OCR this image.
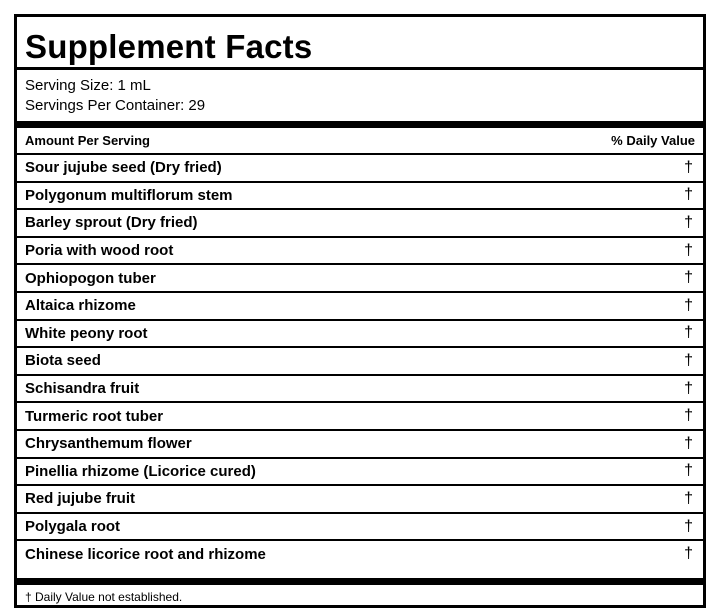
Supplement Facts
Serving Size: 1 mL
Servings Per Container: 29
Amount Per Serving	% Daily Value
Sour jujube seed (Dry fried)	†
Polygonum multiflorum stem	†
Barley sprout (Dry fried)	†
Poria with wood root	†
Ophiopogon tuber	†
Altaica rhizome	†
White peony root	†
Biota seed	†
Schisandra fruit	†
Turmeric root tuber	†
Chrysanthemum flower	†
Pinellia rhizome (Licorice cured)	†
Red jujube fruit	†
Polygala root	†
Chinese licorice root and rhizome	†
† Daily Value not established.
